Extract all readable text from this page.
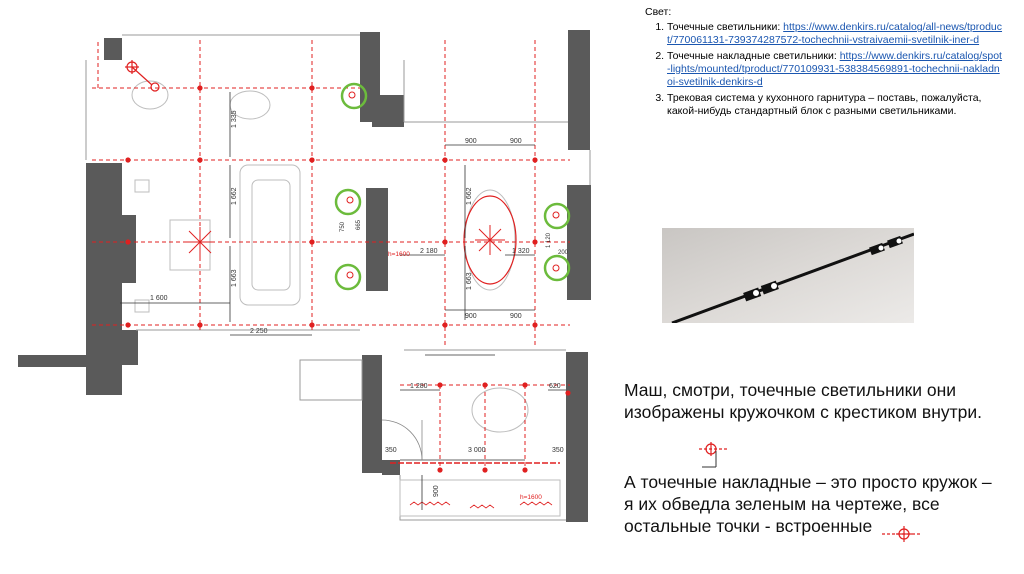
1 600
1 335
1 662
1 663
2 250
900	900
2 180	1 320
1 662
1 663
900	900
1 280	620
350	3 000	350
900
750 665
1 120
200
h=1600
h=1600
Свет:
1. Точечные светильники: https://www.denkirs.ru/catalog/all-news/tproduct/770061131-739374287572-tochechnii-vstraivaemii-svetilnik-iner-d
2. Точечные накладные светильники: https://www.denkirs.ru/catalog/spot-lights/mounted/tproduct/770109931-538384569891-tochechnii-nakladnoi-svetilnik-denkirs-d
3. Трековая система у кухонного гарнитура – поставь, пожалуйста, какой-нибудь стандартный блок с разными светильниками.
Маш, смотри, точечные светильники они изображены кружочком с крестиком внутри.
А точечные накладные – это просто кружок – я их обведла зеленым на чертеже, все остальные точки - встроенные
